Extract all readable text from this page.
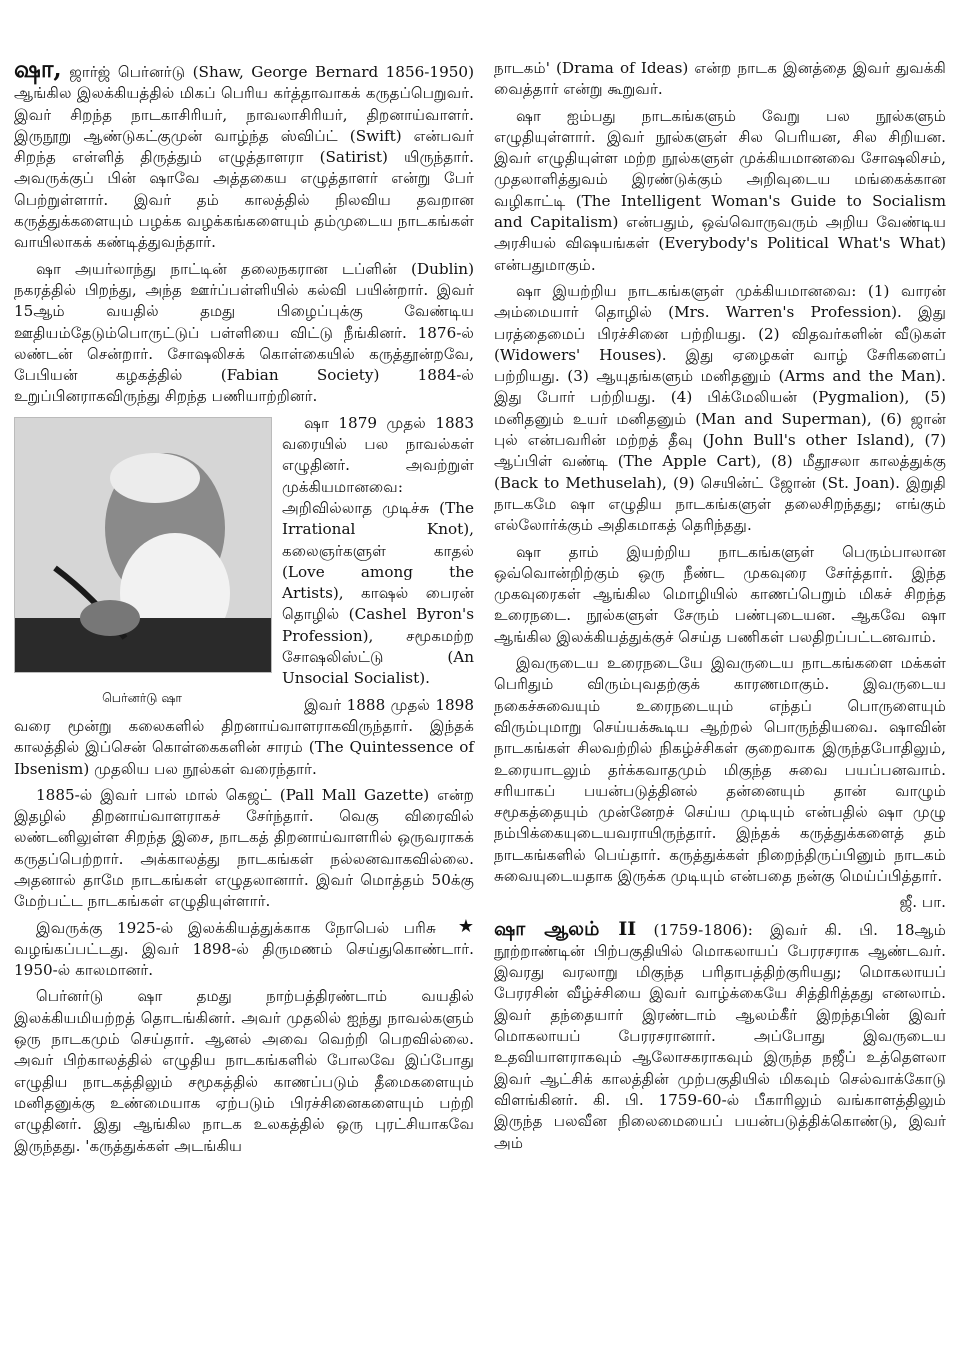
ஷா, ஜார்ஜ் பெர்னர்டு (Shaw, George Bernard 1856-1950) ஆங்கில இலக்கியத்தில் மிகப் பெரிய கர்த்தாவாகக் கருதப்பெறுவர். இவர் சிறந்த நாடகாசிரியர், நாவலாசிரியர், திறனாய்வாளர். இருநூறு ஆண்டுகட்குமுன் வாழ்ந்த ஸ்விப்ட் (Swift) என்பவர் சிறந்த எள்ளித் திருத்தும் எழுத்தாளரா (Satirist) யிருந்தார். அவருக்குப் பின் ஷாவே அத்தகைய எழுத்தாளர் என்று பேர் பெற்றுள்ளார். இவர் தம் காலத்தில் நிலவிய தவறான கருத்துக்களையும் பழக்க வழக்கங்களையும் தம்முடைய நாடகங்கள் வாயிலாகக் கண்டித்துவந்தார்.

ஷா அயர்லாந்து நாட்டின் தலைநகரான டப்ளின் (Dublin) நகரத்தில் பிறந்து, அந்த ஊர்ப்பள்ளியில் கல்வி பயின்றார். இவர் 15ஆம் வயதில் தமது பிழைப்புக்கு வேண்டிய ஊதியம்தேடும்பொருட்டுப் பள்ளியை விட்டு நீங்கினர். 1876-ல் லண்டன் சென்றார். சோஷலிசக் கொள்கையில் கருத்தூன்றவே, பேபியன் கழகத்தில் (Fabian Society) 1884-ல் உறுப்பினராகவிருந்து சிறந்த பணியாற்றினர்.

பெர்னர்டு ஷா

ஷா 1879 முதல் 1883 வரையில் பல நாவல்கள் எழுதினர். அவற்றுள் முக்கியமானவை: அறிவில்லாத முடிச்சு (The Irrational Knot), கலைஞர்களுள் காதல் (Love among the Artists), காஷல் பைரன் தொழில் (Cashel Byron's Profession), சமூகமற்ற சோஷலிஸ்ட்டு (An Unsocial Socialist).

இவர் 1888 முதல் 1898 வரை மூன்று கலைகளில் திறனாய்வாளராகவிருந்தார். இந்தக் காலத்தில் இப்சென் கொள்கைகளின் சாரம் (The Quintessence of Ibsenism) முதலிய பல நூல்கள் வரைந்தார்.

1885-ல் இவர் பால் மால் கெஜட் (Pall Mall Gazette) என்ற இதழில் திறனாய்வாளராகச் சேர்ந்தார். வெகு விரைவில் லண்டனிலுள்ள சிறந்த இசை, நாடகத் திறனாய்வாளரில் ஒருவராகக் கருதப்பெற்றார். அக்காலத்து நாடகங்கள் நல்லனவாகவில்லை. அதனால் தாமே நாடகங்கள் எழுதலானார். இவர் மொத்தம் 50க்கு மேற்பட்ட நாடகங்கள் எழுதியுள்ளார்.

★
இவருக்கு 1925-ல் இலக்கியத்துக்காக நோபெல் பரிசு வழங்கப்பட்டது. இவர் 1898-ல் திருமணம் செய்துகொண்டார். 1950-ல் காலமானர்.

பெர்னர்டு ஷா தமது நாற்பத்திரண்டாம் வயதில் இலக்கியமியற்றத் தொடங்கினர். அவர் முதலில் ஐந்து நாவல்களும் ஒரு நாடகமும் செய்தார். ஆனல் அவை வெற்றி பெறவில்லை. அவர் பிற்காலத்தில் எழுதிய நாடகங்களில் போலவே இப்போது எழுதிய நாடகத்திலும் சமூகத்தில் காணப்படும் தீமைகளையும் மனிதனுக்கு உண்மையாக ஏற்படும் பிரச்சினைகளையும் பற்றி எழுதினர். இது ஆங்கில நாடக உலகத்தில் ஒரு புரட்சியாகவே இருந்தது. 'கருத்துக்கள் அடங்கிய

நாடகம்' (Drama of Ideas) என்ற நாடக இனத்தை இவர் துவக்கி வைத்தார் என்று கூறுவர்.

ஷா ஐம்பது நாடகங்களும் வேறு பல நூல்களும் எழுதியுள்ளார். இவர் நூல்களுள் சில பெரியன, சில சிறியன. இவர் எழுதியுள்ள மற்ற நூல்களுள் முக்கியமானவை சோஷலிசம், முதலாளித்துவம் இரண்டுக்கும் அறிவுடைய மங்கைக்கான வழிகாட்டி (The Intelligent Woman's Guide to Socialism and Capitalism) என்பதும், ஒவ்வொருவரும் அறிய வேண்டிய அரசியல் விஷயங்கள் (Everybody's Political What's What) என்பதுமாகும்.

ஷா இயற்றிய நாடகங்களுள் முக்கியமானவை: (1) வாரன் அம்மையார் தொழில் (Mrs. Warren's Profession). இது பரத்தைமைப் பிரச்சினை பற்றியது. (2) விதவர்களின் வீடுகள் (Widowers' Houses). இது ஏழைகள் வாழ் சேரிகளைப் பற்றியது. (3) ஆயுதங்களும் மனிதனும் (Arms and the Man). இது போர் பற்றியது. (4) பிக்மேலியன் (Pygmalion), (5) மனிதனும் உயர் மனிதனும் (Man and Superman), (6) ஜான் புல் என்பவரின் மற்றத் தீவு (John Bull's other Island), (7) ஆப்பிள் வண்டி (The Apple Cart), (8) மீதூசலா காலத்துக்கு (Back to Methuselah), (9) செயின்ட் ஜோன் (St. Joan). இறுதி நாடகமே ஷா எழுதிய நாடகங்களுள் தலைசிறந்தது; எங்கும் எல்லோர்க்கும் அதிகமாகத் தெரிந்தது.

ஷா தாம் இயற்றிய நாடகங்களுள் பெரும்பாலான ஒவ்வொன்றிற்கும் ஒரு நீண்ட முகவுரை சேர்த்தார். இந்த முகவுரைகள் ஆங்கில மொழியில் காணப்பெறும் மிகச் சிறந்த உரைநடை. நூல்களுள் சேரும் பண்புடையன. ஆகவே ஷா ஆங்கில இலக்கியத்துக்குச் செய்த பணிகள் பலதிறப்பட்டனவாம்.

இவருடைய உரைநடையே இவருடைய நாடகங்களை மக்கள் பெரிதும் விரும்புவதற்குக் காரணமாகும். இவருடைய நகைச்சுவையும் உரைநடையும் எந்தப் பொருளையும் விரும்புமாறு செய்யக்கூடிய ஆற்றல் பொருந்தியவை. ஷாவின் நாடகங்கள் சிலவற்றில் நிகழ்ச்சிகள் குறைவாக இருந்தபோதிலும், உரையாடலும் தர்க்கவாதமும் மிகுந்த சுவை பயப்பனவாம். சரியாகப் பயன்படுத்தினல் தன்னையும் தான் வாழும் சமூகத்தையும் முன்னேறச் செய்ய முடியும் என்பதில் ஷா முழு நம்பிக்கையுடையவராயிருந்தார். இந்தக் கருத்துக்களைத் தம் நாடகங்களில் பெய்தார். கருத்துக்கள் நிறைந்திருப்பினும் நாடகம் சுவையுடையதாக இருக்க முடியும் என்பதை நன்கு மெய்ப்பித்தார்.

ஜீ. பா.

ஷா ஆலம் II (1759-1806): இவர் கி. பி. 18ஆம் நூற்றாண்டின் பிற்பகுதியில் மொகலாயப் பேரரசராக ஆண்டவர். இவரது வரலாறு மிகுந்த பரிதாபத்திற்குரியது; மொகலாயப் பேரரசின் வீழ்ச்சியை இவர் வாழ்க்கையே சித்திரித்தது எனலாம். இவர் தந்தையார் இரண்டாம் ஆலம்கீர் இறந்தபின் இவர் மொகலாயப் பேரரசரானார். அப்போது இவருடைய உதவியாளராகவும் ஆலோசகராகவும் இருந்த நஜீப் உத்தௌலா இவர் ஆட்சிக் காலத்தின் முற்பகுதியில் மிகவும் செல்வாக்கோடு விளங்கினர். கி. பி. 1759-60-ல் பீகாரிலும் வங்காளத்திலும் இருந்த பலவீன நிலைமையைப் பயன்படுத்திக்கொண்டு, இவர் அம்
